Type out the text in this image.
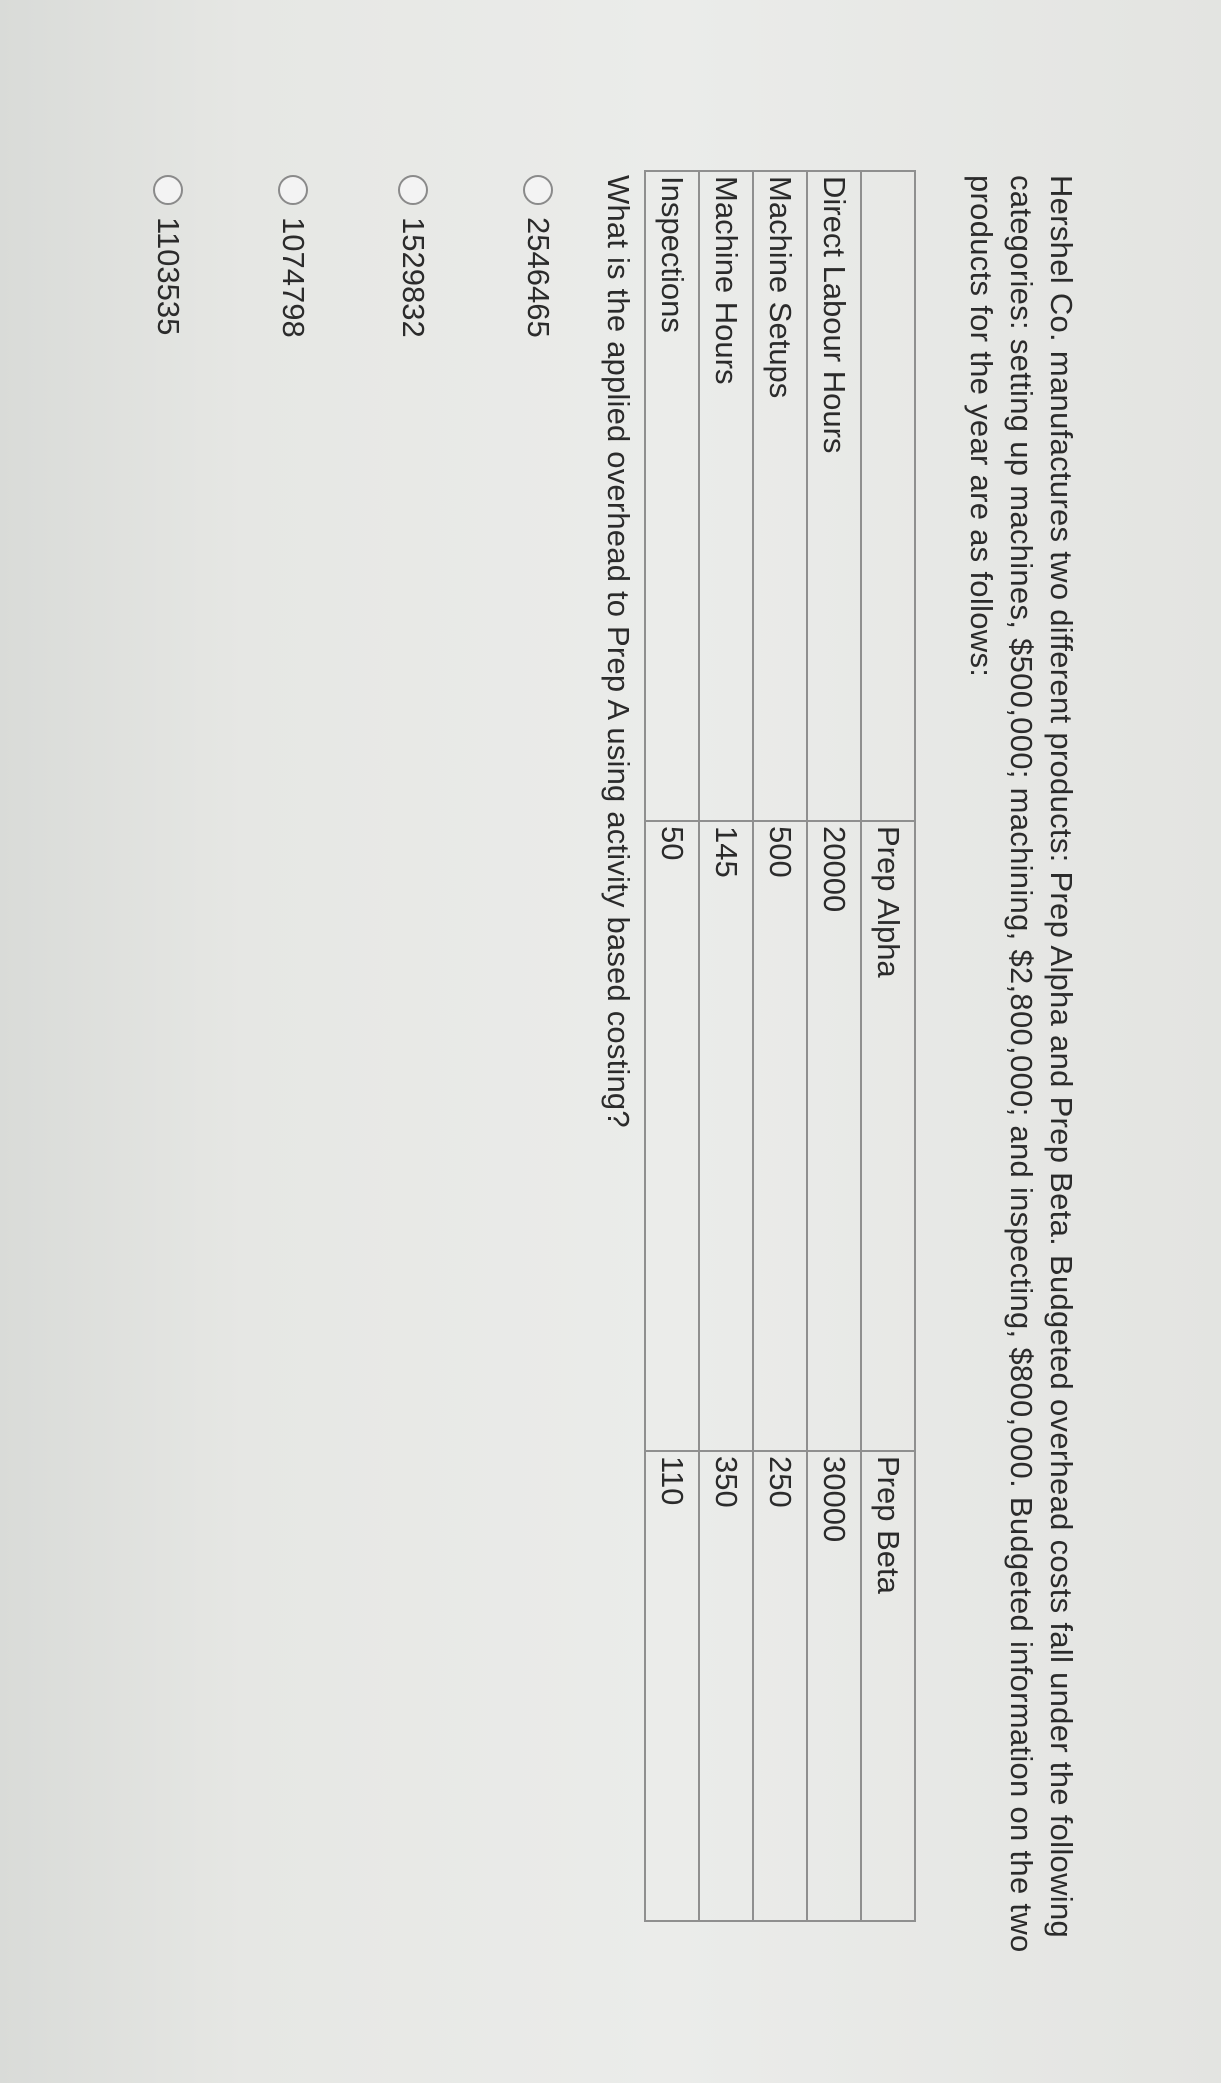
Hershel Co. manufactures two different products: Prep Alpha and Prep Beta. Budgeted overhead costs fall under the following categories: setting up machines, $500,000; machining, $2,800,000; and inspecting, $800,000. Budgeted information on the two products for the year are as follows:

	Prep Alpha	Prep Beta
Direct Labour Hours	20000	30000
Machine Setups	500	250
Machine Hours	145	350
Inspections	50	110

What is the applied overhead to Prep A using activity based costing?

2546465
1529832
1074798
1103535
